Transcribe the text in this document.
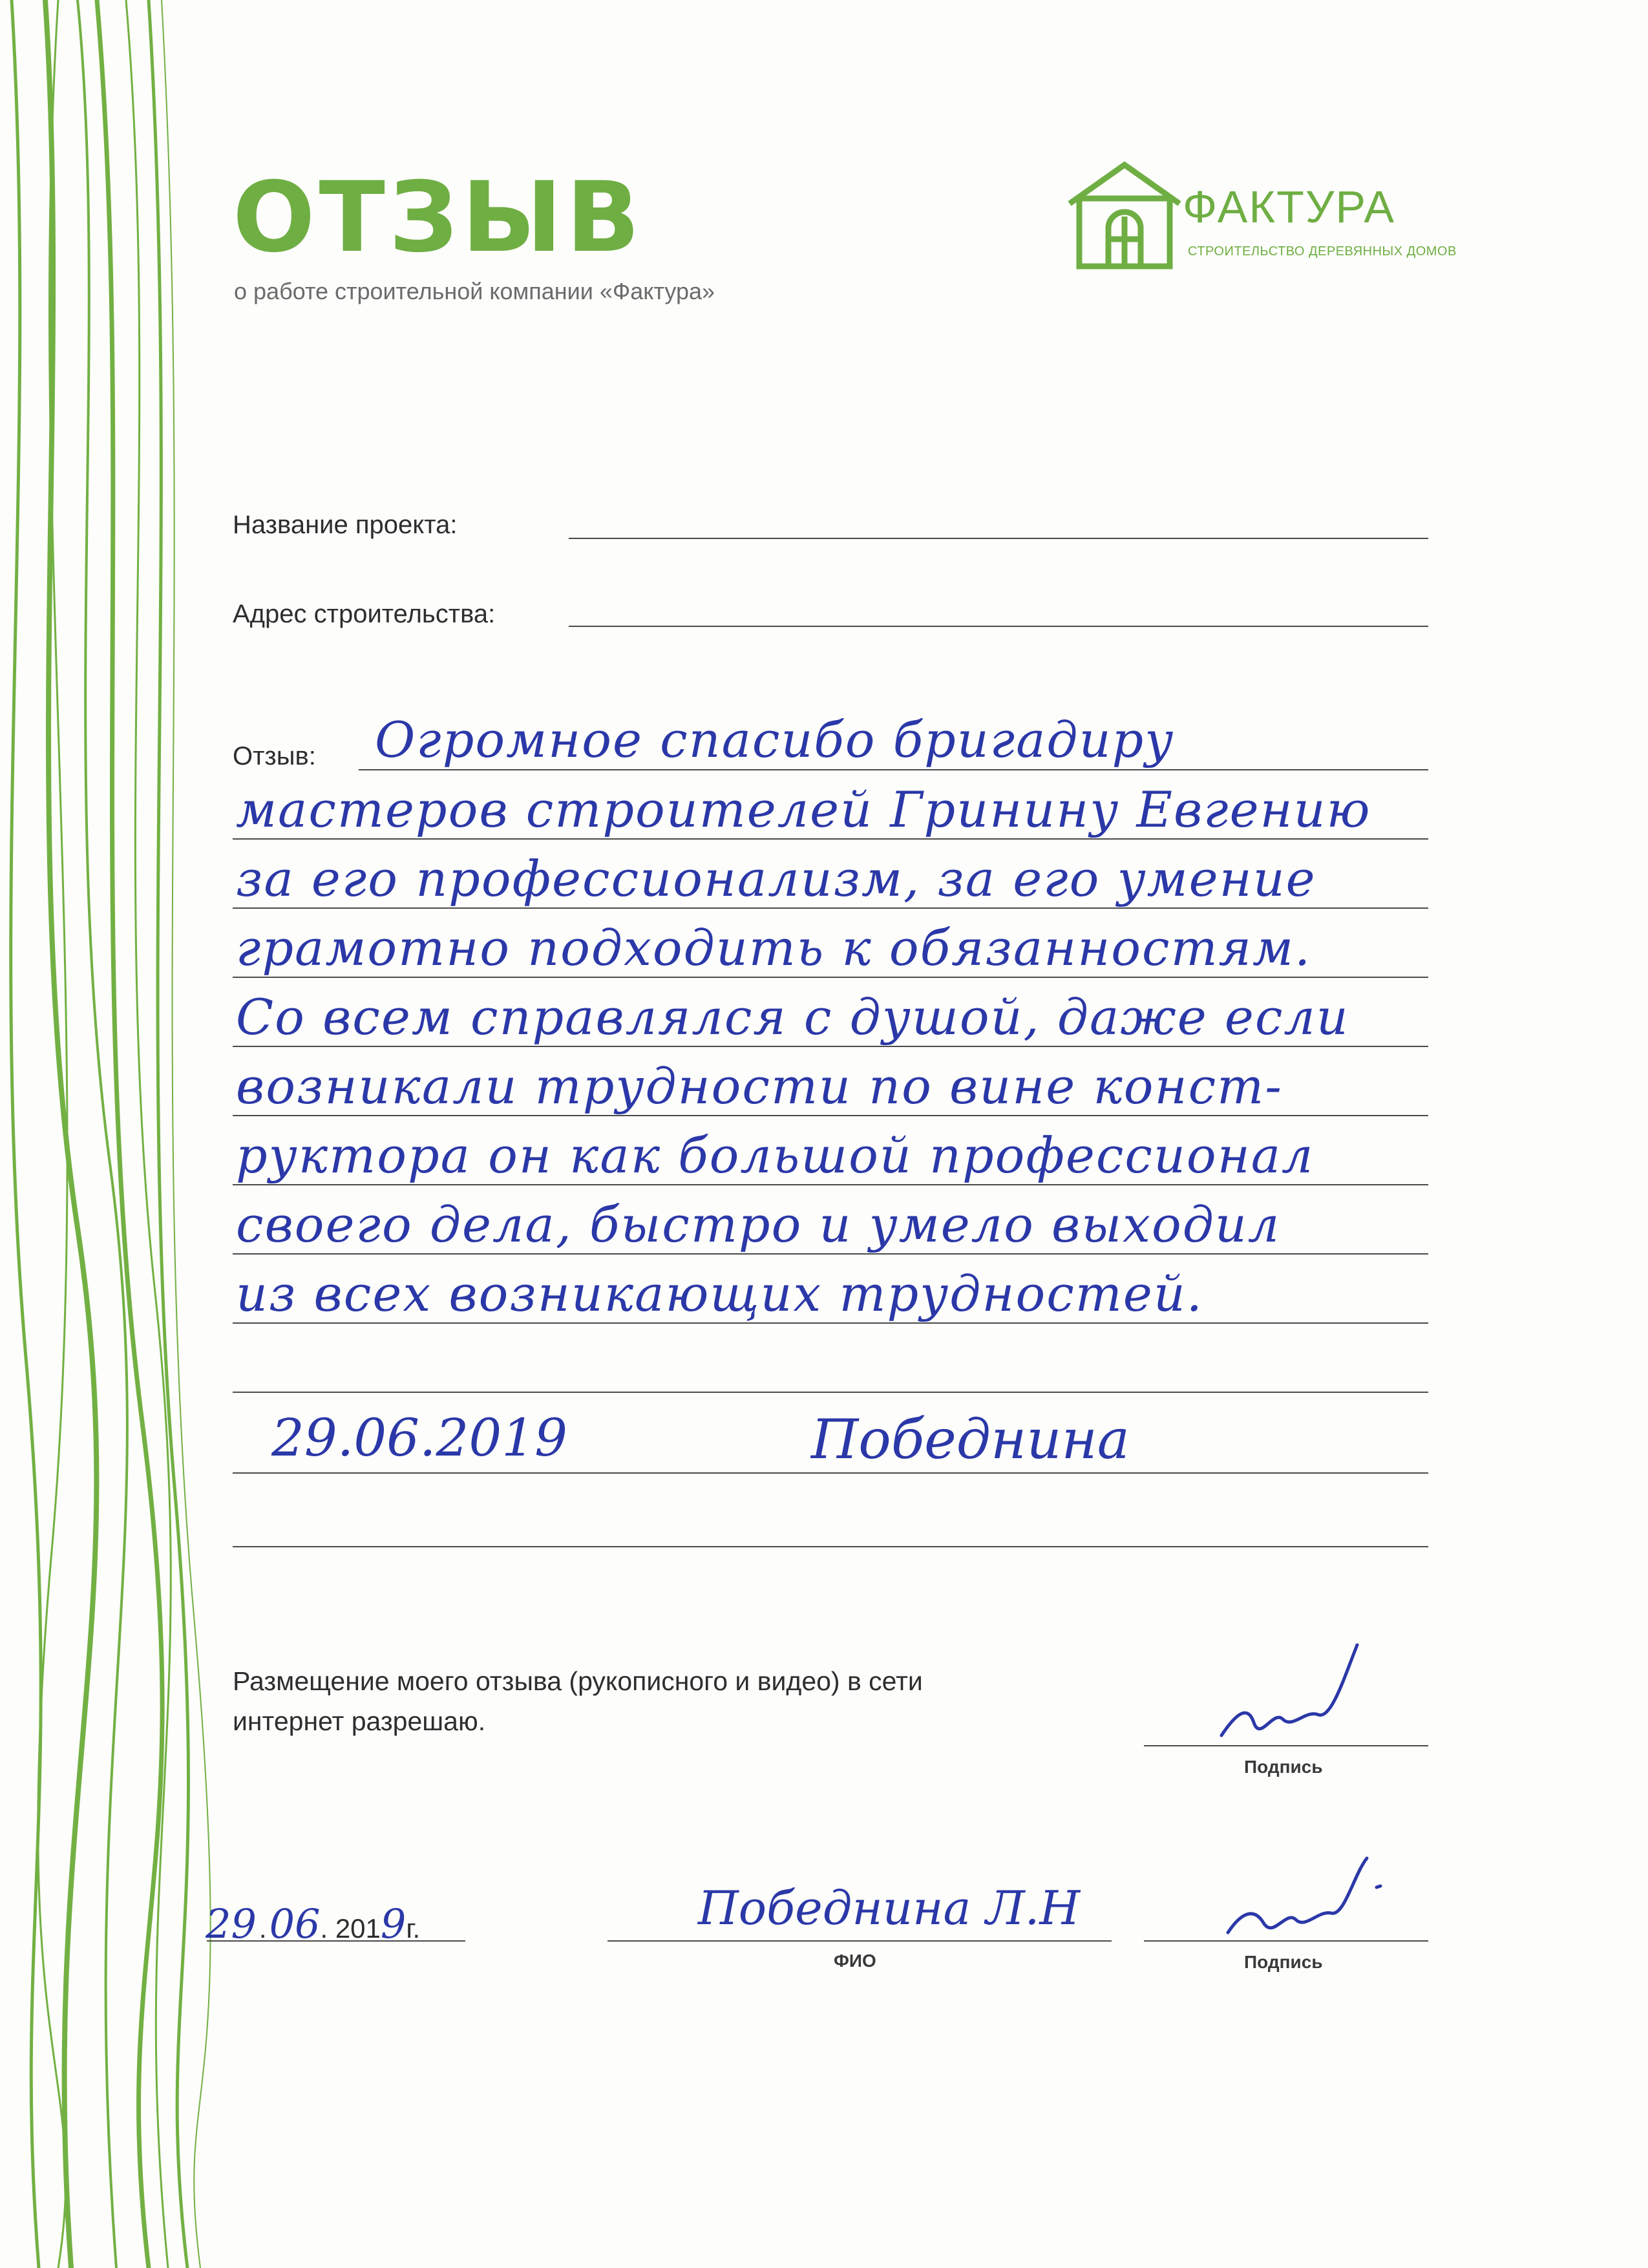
ОТЗЫВ
о работе строительной компании «Фактура»
ФАКТУРА
СТРОИТЕЛЬСТВО ДЕРЕВЯННЫХ ДОМОВ
Название проекта:
Адрес строительства:
Отзыв: Огромное спасибо бригадиру
мастеров строителей Гринину Евгению
за его профессионализм, за его умение
грамотно подходить к обязанностям.
Со всем справлялся с душой, даже если
возникали трудности по вине конст-
руктора он как большой профессионал
своего дела, быстро и умело выходил
из всех возникающих трудностей.
29.06.2019	Победнина
Размещение моего отзыва (рукописного и видео) в сети интернет разрешаю.
Подпись
29.06. 2019г.	Победнина Л.Н
ФИО	Подпись
